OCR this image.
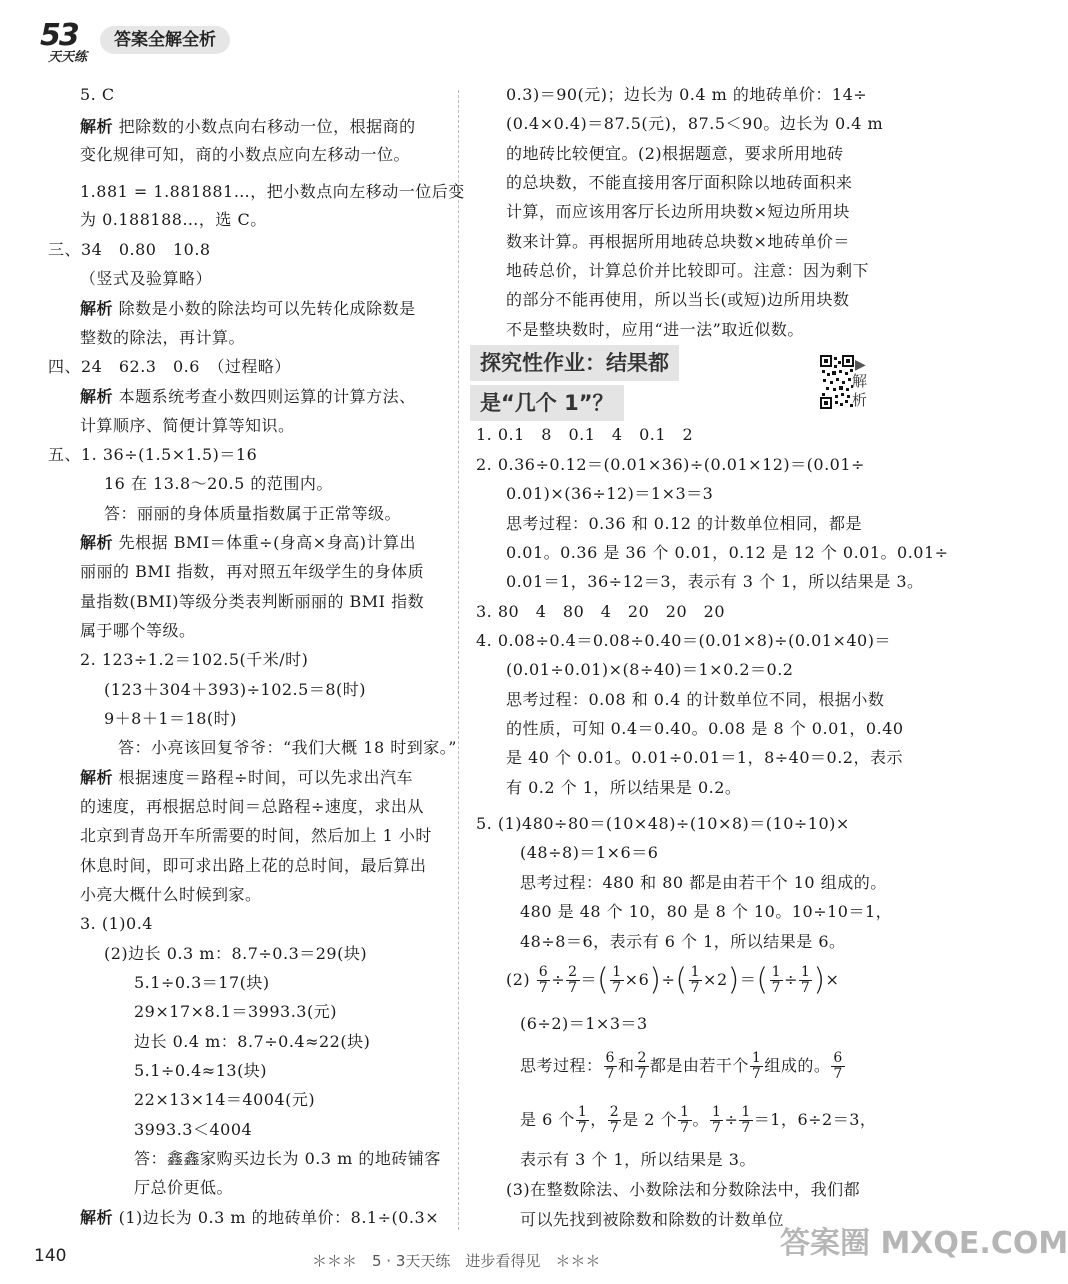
53
天天练
答案全解全析
5. C
解析 把除数的小数点向右移动一位，根据商的
变化规律可知，商的小数点应向左移动一位。
1.881 = 1.881881…，把小数点向左移动一位后变
为 0.188188…，选 C。
三、34　0.80　10.8
（竖式及验算略）
解析 除数是小数的除法均可以先转化成除数是
整数的除法，再计算。
四、24　62.3　0.6　（过程略）
解析 本题系统考查小数四则运算的计算方法、
计算顺序、简便计算等知识。
五、1. 36÷(1.5×1.5)＝16
16 在 13.8～20.5 的范围内。
答：丽丽的身体质量指数属于正常等级。
解析 先根据 BMI＝体重÷(身高×身高)计算出
丽丽的 BMI 指数，再对照五年级学生的身体质
量指数(BMI)等级分类表判断丽丽的 BMI 指数
属于哪个等级。
2. 123÷1.2＝102.5(千米/时)
(123＋304＋393)÷102.5＝8(时)
9＋8＋1＝18(时)
答：小亮该回复爷爷：“我们大概 18 时到家。”
解析 根据速度＝路程÷时间，可以先求出汽车
的速度，再根据总时间＝总路程÷速度，求出从
北京到青岛开车所需要的时间，然后加上 1 小时
休息时间，即可求出路上花的总时间，最后算出
小亮大概什么时候到家。
3. (1)0.4
(2)边长 0.3 m：8.7÷0.3＝29(块)
5.1÷0.3＝17(块)
29×17×8.1＝3993.3(元)
边长 0.4 m：8.7÷0.4≈22(块)
5.1÷0.4≈13(块)
22×13×14＝4004(元)
3993.3＜4004
答：鑫鑫家购买边长为 0.3 m 的地砖铺客
厅总价更低。
解析 (1)边长为 0.3 m 的地砖单价：8.1÷(0.3×
0.3)＝90(元)；边长为 0.4 m 的地砖单价：14÷
(0.4×0.4)＝87.5(元)，87.5＜90。边长为 0.4 m
的地砖比较便宜。(2)根据题意，要求所用地砖
的总块数，不能直接用客厅面积除以地砖面积来
计算，而应该用客厅长边所用块数×短边所用块
数来计算。再根据所用地砖总块数×地砖单价＝
地砖总价，计算总价并比较即可。注意：因为剩下
的部分不能再使用，所以当长(或短)边所用块数
不是整块数时，应用“进一法”取近似数。
1. 0.1　8　0.1　4　0.1　2
2. 0.36÷0.12＝(0.01×36)÷(0.01×12)＝(0.01÷
0.01)×(36÷12)＝1×3＝3
思考过程：0.36 和 0.12 的计数单位相同，都是
0.01。0.36 是 36 个 0.01，0.12 是 12 个 0.01。0.01÷
0.01＝1，36÷12＝3，表示有 3 个 1，所以结果是 3。
3. 80　4　80　4　20　20　20
4. 0.08÷0.4＝0.08÷0.40＝(0.01×8)÷(0.01×40)＝
(0.01÷0.01)×(8÷40)＝1×0.2＝0.2
思考过程：0.08 和 0.4 的计数单位不同，根据小数
的性质，可知 0.4＝0.40。0.08 是 8 个 0.01，0.40
是 40 个 0.01。0.01÷0.01＝1，8÷40＝0.2，表示
有 0.2 个 1，所以结果是 0.2。
5. (1)480÷80＝(10×48)÷(10×8)＝(10÷10)×
(48÷8)＝1×6＝6
思考过程：480 和 80 都是由若干个 10 组成的。
480 是 48 个 10，80 是 8 个 10。10÷10＝1，
48÷8＝6，表示有 6 个 1，所以结果是 6。
(6÷2)＝1×3＝3
表示有 3 个 1，所以结果是 3。
(3)在整数除法、小数除法和分数除法中，我们都
可以先找到被除数和除数的计数单位
探究性作业：结果都
是“几个 1”？
▶
解
析
$(2) \frac{6}{7} \div \frac{2}{7}$ ＝( $\frac{1}{7} \times 6)\div( \frac{1}{7} \times 2)=( \frac{1}{7} \div \frac{1}{7}$ )×
思考过程： $\frac{6}{7}$ 和 $\frac{2}{7}$ 都是由若干个 $\frac{1}{7}$ 组成的。 $\frac{6}{7}$
是 6 个 $\frac{1}{7}$ ， $\frac{2}{7}$ 是 2 个 $\frac{1}{7}$ 。 $\frac{1}{7} \div \frac{1}{7} =1$，6÷2＝3，
140	＊＊＊　5 · 3天天练　进步看得见　＊＊＊	答案圈 MXQE.COM
